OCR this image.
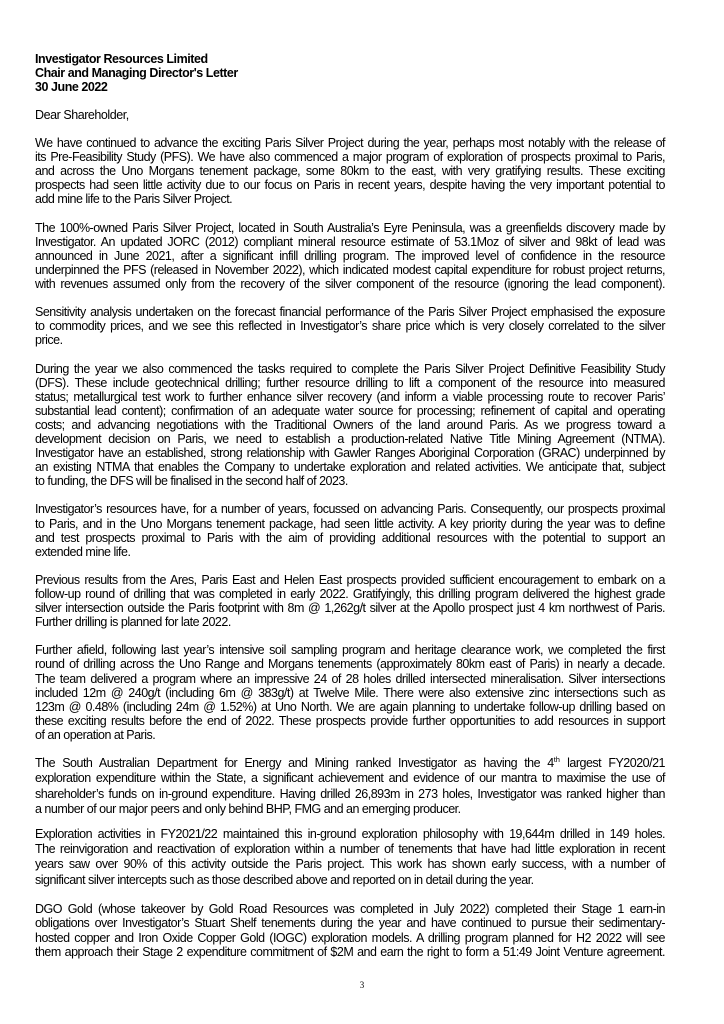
Investigator Resources Limited
Chair and Managing Director's Letter
30 June 2022
Dear Shareholder,
We have continued to advance the exciting Paris Silver Project during the year, perhaps most notably with the release of
its Pre-Feasibility Study (PFS). We have also commenced a major program of exploration of prospects proximal to Paris,
and across the Uno Morgans tenement package, some 80km to the east, with very gratifying results. These exciting
prospects had seen little activity due to our focus on Paris in recent years, despite having the very important potential to
add mine life to the Paris Silver Project.
The 100%-owned Paris Silver Project, located in South Australia’s Eyre Peninsula, was a greenfields discovery made by
Investigator. An updated JORC (2012) compliant mineral resource estimate of 53.1Moz of silver and 98kt of lead was
announced in June 2021, after a significant infill drilling program. The improved level of confidence in the resource
underpinned the PFS (released in November 2022), which indicated modest capital expenditure for robust project returns,
with revenues assumed only from the recovery of the silver component of the resource (ignoring the lead component).
Sensitivity analysis undertaken on the forecast financial performance of the Paris Silver Project emphasised the exposure
to commodity prices, and we see this reflected in Investigator’s share price which is very closely correlated to the silver
price.
During the year we also commenced the tasks required to complete the Paris Silver Project Definitive Feasibility Study
(DFS). These include geotechnical drilling; further resource drilling to lift a component of the resource into measured
status; metallurgical test work to further enhance silver recovery (and inform a viable processing route to recover Paris’
substantial lead content); confirmation of an adequate water source for processing; refinement of capital and operating
costs; and advancing negotiations with the Traditional Owners of the land around Paris. As we progress toward a
development decision on Paris, we need to establish a production-related Native Title Mining Agreement (NTMA).
Investigator have an established, strong relationship with Gawler Ranges Aboriginal Corporation (GRAC) underpinned by
an existing NTMA that enables the Company to undertake exploration and related activities. We anticipate that, subject
to funding, the DFS will be finalised in the second half of 2023.
Investigator’s resources have, for a number of years, focussed on advancing Paris. Consequently, our prospects proximal
to Paris, and in the Uno Morgans tenement package, had seen little activity. A key priority during the year was to define
and test prospects proximal to Paris with the aim of providing additional resources with the potential to support an
extended mine life.
Previous results from the Ares, Paris East and Helen East prospects provided sufficient encouragement to embark on a
follow-up round of drilling that was completed in early 2022. Gratifyingly, this drilling program delivered the highest grade
silver intersection outside the Paris footprint with 8m @ 1,262g/t silver at the Apollo prospect just 4 km northwest of Paris.
Further drilling is planned for late 2022.
Further afield, following last year’s intensive soil sampling program and heritage clearance work, we completed the first
round of drilling across the Uno Range and Morgans tenements (approximately 80km east of Paris) in nearly a decade.
The team delivered a program where an impressive 24 of 28 holes drilled intersected mineralisation. Silver intersections
included 12m @ 240g/t (including 6m @ 383g/t) at Twelve Mile. There were also extensive zinc intersections such as
123m @ 0.48% (including 24m @ 1.52%) at Uno North. We are again planning to undertake follow-up drilling based on
these exciting results before the end of 2022. These prospects provide further opportunities to add resources in support
of an operation at Paris.
The South Australian Department for Energy and Mining ranked Investigator as having the 4th largest FY2020/21
exploration expenditure within the State, a significant achievement and evidence of our mantra to maximise the use of
shareholder’s funds on in-ground expenditure. Having drilled 26,893m in 273 holes, Investigator was ranked higher than
a number of our major peers and only behind BHP, FMG and an emerging producer.
Exploration activities in FY2021/22 maintained this in-ground exploration philosophy with 19,644m drilled in 149 holes.
The reinvigoration and reactivation of exploration within a number of tenements that have had little exploration in recent
years saw over 90% of this activity outside the Paris project. This work has shown early success, with a number of
significant silver intercepts such as those described above and reported on in detail during the year.
DGO Gold (whose takeover by Gold Road Resources was completed in July 2022) completed their Stage 1 earn-in
obligations over Investigator’s Stuart Shelf tenements during the year and have continued to pursue their sedimentary-
hosted copper and Iron Oxide Copper Gold (IOGC) exploration models. A drilling program planned for H2 2022 will see
them approach their Stage 2 expenditure commitment of $2M and earn the right to form a 51:49 Joint Venture agreement.
3
